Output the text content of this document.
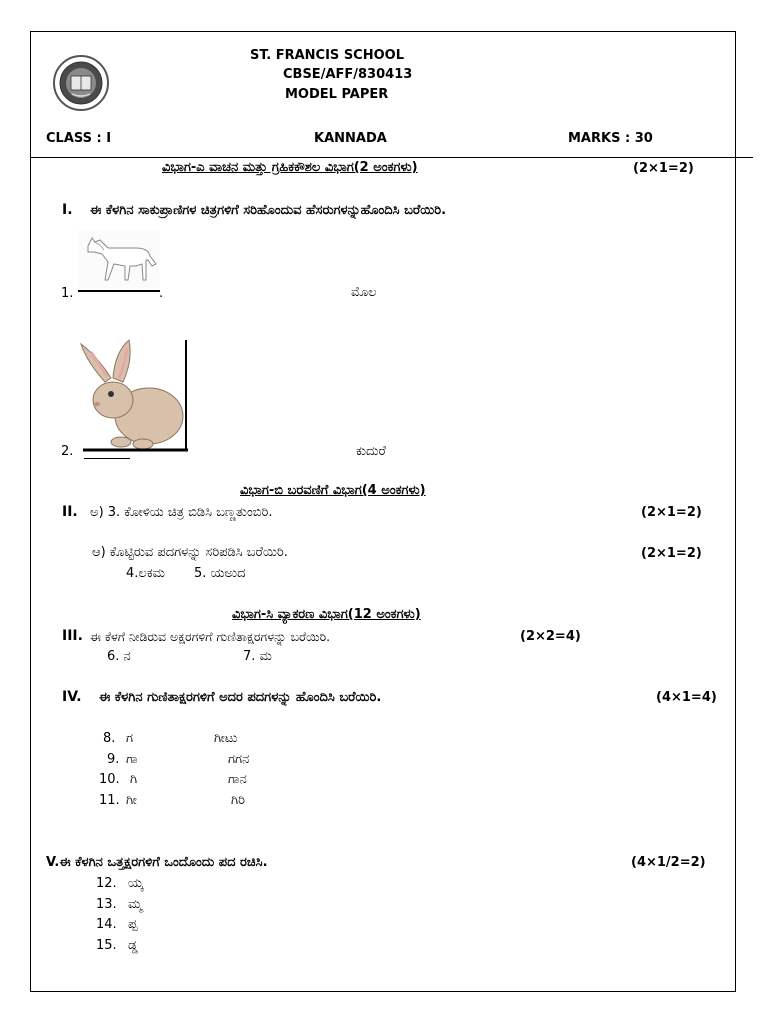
ST. FRANCIS SCHOOL
CBSE/AFF/830413
MODEL PAPER
CLASS : I	KANNADA	MARKS : 30
ವಿಭಾಗ-ಎ ವಾಚನ ಮತ್ತು ಗ್ರಹಿಕಕೌಶಲ ವಿಭಾಗ(2 ಅಂಕಗಳು)	(2×1=2)
I. ಈ ಕೆಳಗಿನ ಸಾಕುಪ್ರಾಣಿಗಳ ಚಿತ್ರಗಳಿಗೆ ಸರಿಹೊಂದುವ ಹೆಸರುಗಳನ್ನುಹೊಂದಿಸಿ ಬರೆಯಿರಿ.
1.	.	ಮೊಲ
2.	ಕುದುರೆ
ವಿಭಾಗ-ಬಿ ಬರವಣಿಗೆ ವಿಭಾಗ(4 ಅಂಕಗಳು)
II. ಅ) 3. ಕೋಳಿಯ ಚಿತ್ರ ಬಿಡಿಸಿ ಬಣ್ಣತುಂಬಿರಿ.	(2×1=2)
ಆ) ಕೊಟ್ಟಿರುವ ಪದಗಳನ್ನು ಸರಿಪಡಿಸಿ ಬರೆಯಿರಿ.	(2×1=2)
4.ಲಕಮ       5. ಯಅುದ
ವಿಭಾಗ-ಸಿ ವ್ಯಾಕರಣ ವಿಭಾಗ(12 ಅಂಕಗಳು)
III. ಈ ಕೆಳಗೆ ನೀಡಿರುವ ಅಕ್ಷರಗಳಿಗೆ ಗುಣಿತಾಕ್ಷರಗಳನ್ನು ಬರೆಯಿರಿ.	(2×2=4)
6. ನ	7. ಮ
IV. ಈ ಕೆಳಗಿನ ಗುಣಿತಾಕ್ಷರಗಳಿಗೆ ಅದರ ಪದಗಳನ್ನು ಹೊಂದಿಸಿ ಬರೆಯಿರಿ.	(4×1=4)
8. ಗ	ಗೀಟು
9. ಗಾ	ಗಗನ
10. ಗಿ	ಗಾನ
11. ಗೀ	ಗಿರಿ
V.ಈ ಕೆಳಗಿನ ಒತ್ತಕ್ಷರಗಳಿಗೆ ಒಂದೊಂದು ಪದ ರಚಿಸಿ.	(4×1/2=2)
12. ಯ್ಕ
13. ಮ್ಮ
14. ಪ್ಪ
15. ಡ್ಡ
